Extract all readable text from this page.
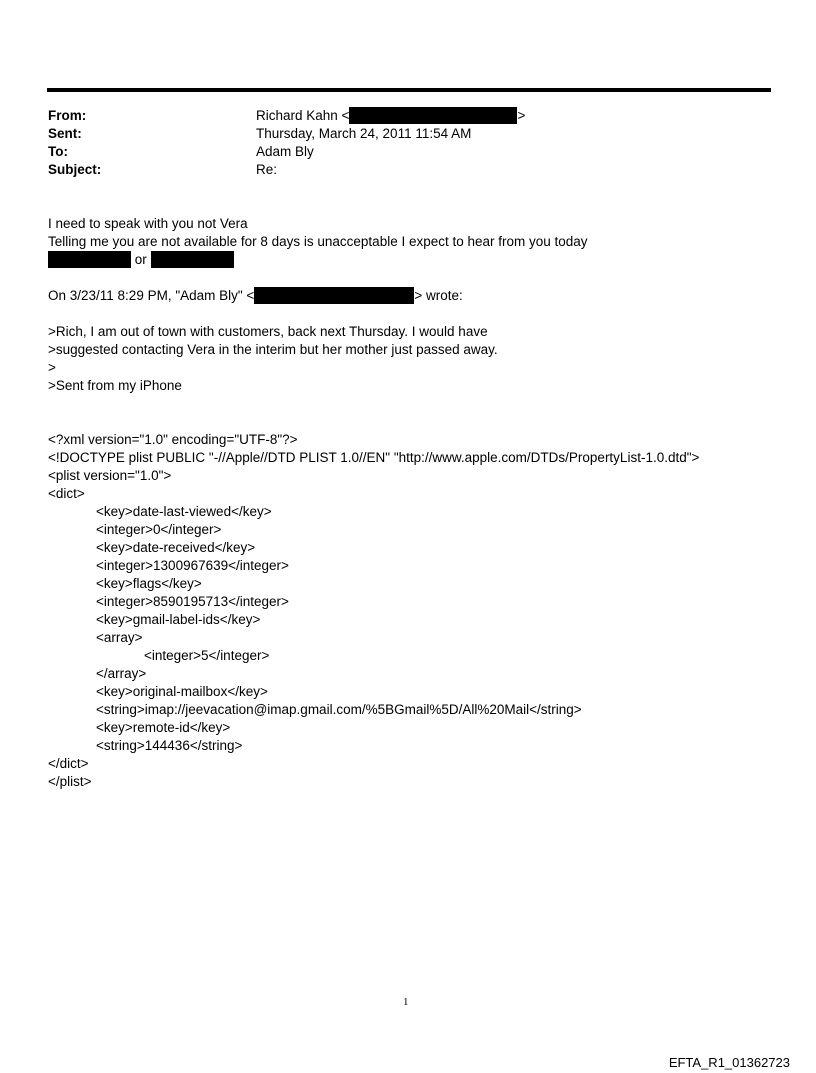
From:	Richard Kahn <	>
Sent:	Thursday, March 24, 2011 11:54 AM
To:	Adam Bly
Subject:	Re:
I need to speak with you not Vera
Telling me you are not available for 8 days is unacceptable I expect to hear from you today
or
On 3/23/11 8:29 PM, "Adam Bly" <	> wrote:
>Rich, I am out of town with customers, back next Thursday. I would have
>suggested contacting Vera in the interim but her mother just passed away.
>
>Sent from my iPhone
<?xml version="1.0" encoding="UTF-8"?>
<!DOCTYPE plist PUBLIC "-//Apple//DTD PLIST 1.0//EN" "http://www.apple.com/DTDs/PropertyList-1.0.dtd">
<plist version="1.0">
<dict>
<key>date-last-viewed</key>
<integer>0</integer>
<key>date-received</key>
<integer>1300967639</integer>
<key>flags</key>
<integer>8590195713</integer>
<key>gmail-label-ids</key>
<array>
<integer>5</integer>
</array>
<key>original-mailbox</key>
<string>imap://jeevacation@imap.gmail.com/%5BGmail%5D/All%20Mail</string>
<key>remote-id</key>
<string>144436</string>
</dict>
</plist>
1
EFTA_R1_01362723
